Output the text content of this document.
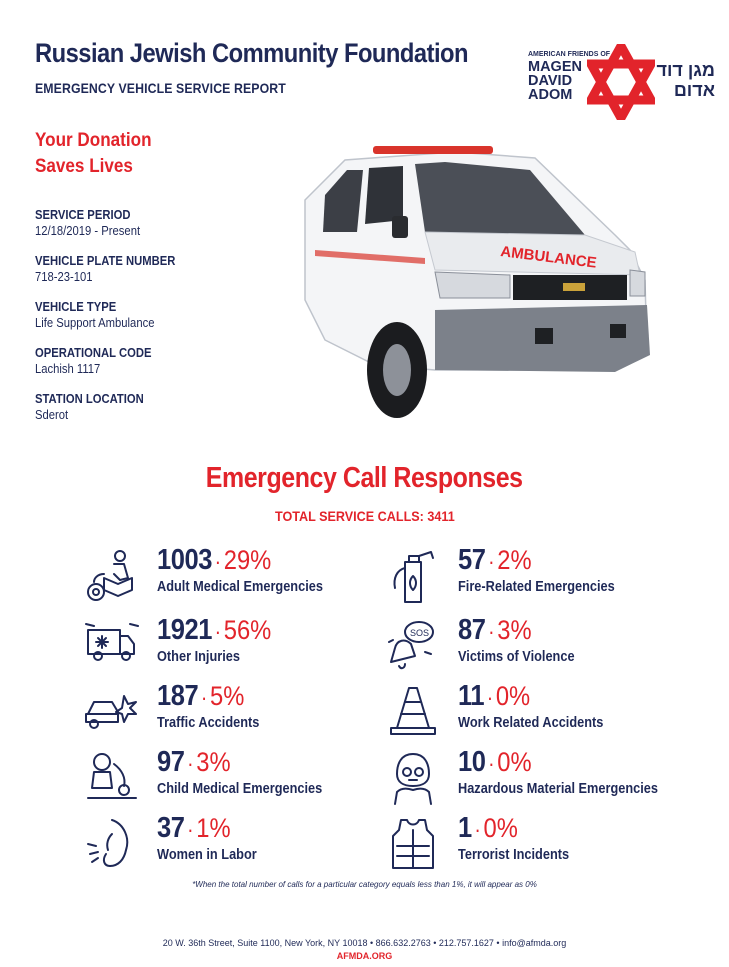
Russian Jewish Community Foundation
EMERGENCY VEHICLE SERVICE REPORT
AMERICAN FRIENDS OF
MAGEN
DAVID
ADOM
מגן דוד
אדום
Your Donation
Saves Lives
SERVICE PERIOD
12/18/2019 - Present
VEHICLE PLATE NUMBER
718-23-101
VEHICLE TYPE
Life Support Ambulance
OPERATIONAL CODE
Lachish 1117
STATION LOCATION
Sderot
AMBULANCE
Emergency Call Responses
TOTAL SERVICE CALLS: 3411
1003 ·29%
Adult Medical Emergencies
1921 ·56%
Other Injuries
187 ·5%
Traffic Accidents
97 ·3%
Child Medical Emergencies
37 ·1%
Women in Labor
57 ·2%
Fire-Related Emergencies
SOS 87 ·3%
Victims of Violence
11 ·0%
Work Related Accidents
10 ·0%
Hazardous Material Emergencies
1 ·0%
Terrorist Incidents
*When the total number of calls for a particular category equals less than 1%, it will appear as 0%
20 W. 36th Street, Suite 1100, New York, NY 10018 • 866.632.2763 • 212.757.1627 • info@afmda.org
AFMDA.ORG
